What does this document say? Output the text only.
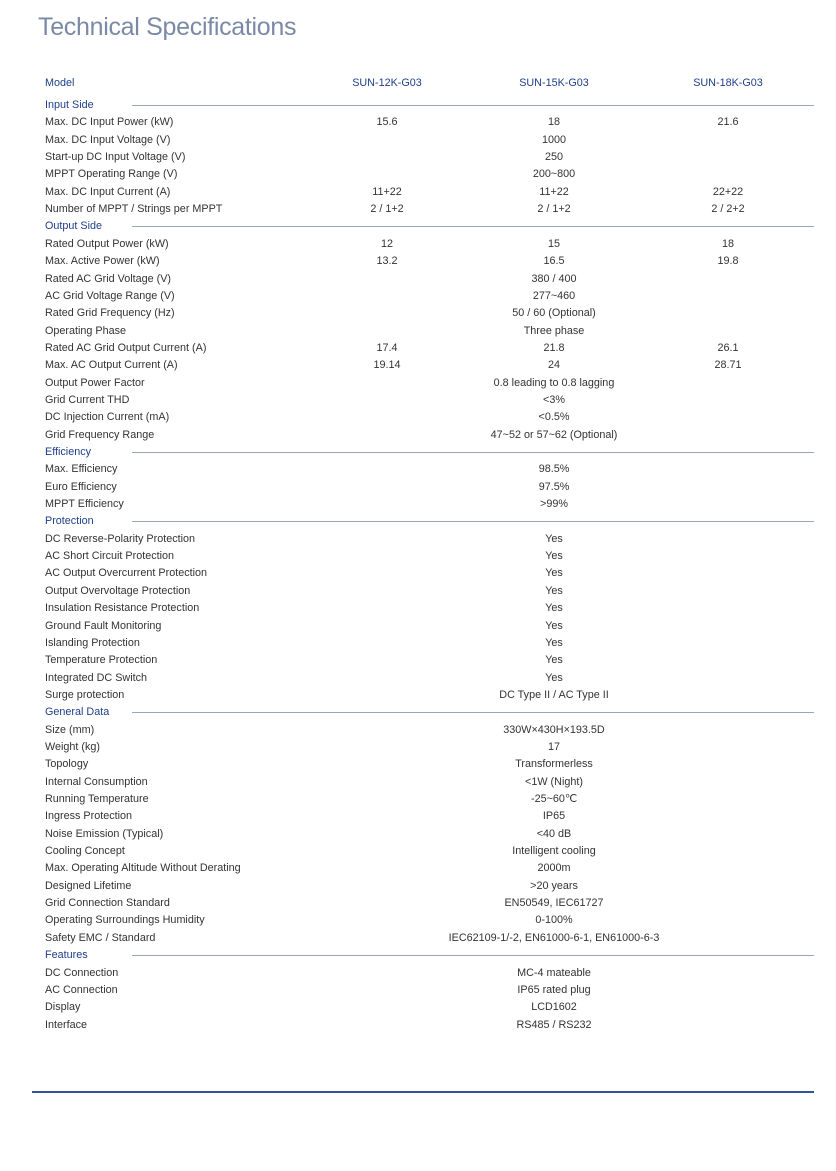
Technical Specifications
Model	SUN-12K-G03	SUN-15K-G03	SUN-18K-G03
Input Side
Max. DC Input Power (kW)	15.6	18	21.6
Max. DC Input Voltage (V)	1000
Start-up DC Input Voltage (V)	250
MPPT Operating Range (V)	200~800
Max. DC Input Current (A)	11+22	11+22	22+22
Number of MPPT / Strings per MPPT	2 / 1+2	2 / 1+2	2 / 2+2
Output Side
Rated Output Power (kW)	12	15	18
Max. Active Power (kW)	13.2	16.5	19.8
Rated AC Grid Voltage (V)	380 / 400
AC Grid Voltage Range (V)	277~460
Rated Grid Frequency (Hz)	50 / 60 (Optional)
Operating Phase	Three phase
Rated AC Grid Output Current (A)	17.4	21.8	26.1
Max. AC Output Current (A)	19.14	24	28.71
Output Power Factor	0.8 leading to 0.8 lagging
Grid Current THD	<3%
DC Injection Current (mA)	<0.5%
Grid Frequency Range	47~52 or 57~62 (Optional)
Efficiency
Max. Efficiency	98.5%
Euro Efficiency	97.5%
MPPT Efficiency	>99%
Protection
DC Reverse-Polarity Protection	Yes
AC Short Circuit Protection	Yes
AC Output Overcurrent Protection	Yes
Output Overvoltage Protection	Yes
Insulation Resistance Protection	Yes
Ground Fault Monitoring	Yes
Islanding Protection	Yes
Temperature Protection	Yes
Integrated DC Switch	Yes
Surge protection	DC Type II / AC Type II
General Data
Size (mm)	330W×430H×193.5D
Weight (kg)	17
Topology	Transformerless
Internal Consumption	<1W (Night)
Running Temperature	-25~60℃
Ingress Protection	IP65
Noise Emission (Typical)	<40 dB
Cooling Concept	Intelligent cooling
Max. Operating Altitude Without Derating	2000m
Designed Lifetime	>20 years
Grid Connection Standard	EN50549, IEC61727
Operating Surroundings Humidity	0-100%
Safety EMC / Standard	IEC62109-1/-2, EN61000-6-1, EN61000-6-3
Features
DC Connection	MC-4 mateable
AC Connection	IP65 rated plug
Display	LCD1602
Interface	RS485 / RS232
